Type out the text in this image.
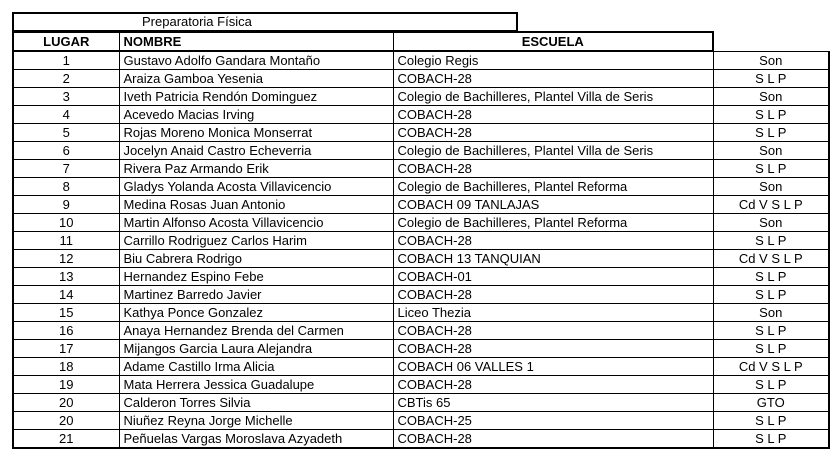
Preparatoria Física
LUGAR	NOMBRE	ESCUELA	
1	Gustavo Adolfo Gandara Montaño	Colegio Regis	Son
2	Araiza Gamboa Yesenia	COBACH-28	S L P
3	Iveth Patricia Rendón Dominguez	Colegio de Bachilleres, Plantel Villa de Seris	Son
4	Acevedo Macias Irving	COBACH-28	S L P
5	Rojas Moreno Monica Monserrat	COBACH-28	S L P
6	Jocelyn Anaid Castro Echeverria	Colegio de Bachilleres, Plantel Villa de Seris	Son
7	Rivera Paz Armando Erik	COBACH-28	S L P
8	Gladys Yolanda Acosta Villavicencio	Colegio de Bachilleres, Plantel Reforma	Son
9	Medina Rosas Juan Antonio	COBACH 09 TANLAJAS	Cd V S L P
10	Martin Alfonso Acosta Villavicencio	Colegio de Bachilleres, Plantel Reforma	Son
11	Carrillo Rodriguez Carlos Harim	COBACH-28	S L P
12	Biu Cabrera Rodrigo	COBACH 13 TANQUIAN	Cd V S L P
13	Hernandez Espino Febe	COBACH-01	S L P
14	Martinez Barredo Javier	COBACH-28	S L P
15	Kathya Ponce Gonzalez	Liceo Thezia	Son
16	Anaya Hernandez Brenda del Carmen	COBACH-28	S L P
17	Mijangos Garcia Laura Alejandra	COBACH-28	S L P
18	Adame Castillo Irma Alicia	COBACH 06 VALLES 1	Cd V S L P
19	Mata Herrera Jessica Guadalupe	COBACH-28	S L P
20	Calderon Torres Silvia	CBTis 65	GTO
20	Niuñez Reyna Jorge Michelle	COBACH-25	S L P
21	Peñuelas Vargas Moroslava Azyadeth	COBACH-28	S L P
